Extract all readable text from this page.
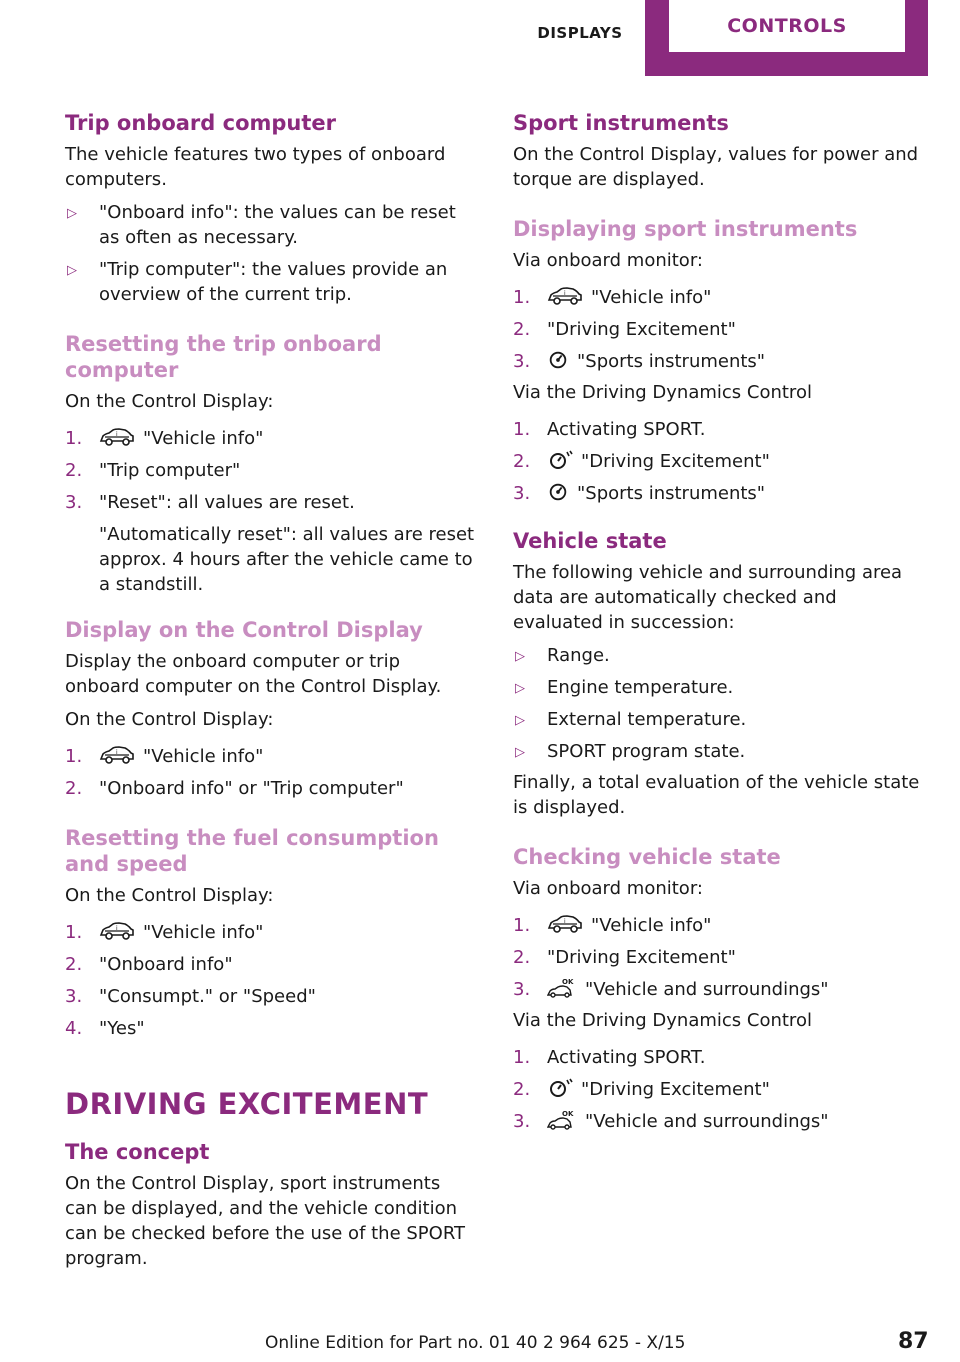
DISPLAYS	CONTROLS
Trip onboard computer

The vehicle features two types of onboard computers.

▷ "Onboard info": the values can be reset as often as necessary.
▷ "Trip computer": the values provide an overview of the current trip.
Resetting the trip onboard computer

On the Control Display:

1.	"Vehicle info"
2. "Trip computer"
3. "Reset": all values are reset.
"Automatically reset": all values are reset approx. 4 hours after the vehicle came to a standstill.
Display on the Control Display

Display the onboard computer or trip onboard computer on the Control Display.

On the Control Display:

1.	"Vehicle info"
2. "Onboard info" or "Trip computer"
Resetting the fuel consumption and speed

On the Control Display:

1.	"Vehicle info"
2. "Onboard info"
3. "Consumpt." or "Speed"
4. "Yes"
DRIVING EXCITEMENT
The concept

On the Control Display, sport instruments can be displayed, and the vehicle condition can be checked before the use of the SPORT program.

Sport instruments

On the Control Display, values for power and torque are displayed.

Displaying sport instruments

Via onboard monitor:

1.	"Vehicle info"
2. "Driving Excitement"
3.	"Sports instruments"

Via the Driving Dynamics Control

1. Activating SPORT.
2.	"Driving Excitement"
3.	"Sports instruments"
Vehicle state

The following vehicle and surrounding area data are automatically checked and evaluated in succession:

▷ Range.
▷ Engine temperature.
▷ External temperature.
▷ SPORT program state.

Finally, a total evaluation of the vehicle state is displayed.

Checking vehicle state

Via onboard monitor:

1.	"Vehicle info"
2. "Driving Excitement"
3.	"Vehicle and surroundings"

Via the Driving Dynamics Control

1. Activating SPORT.
2.	"Driving Excitement"
3.	"Vehicle and surroundings"
Online Edition for Part no. 01 40 2 964 625 - X/15	87
